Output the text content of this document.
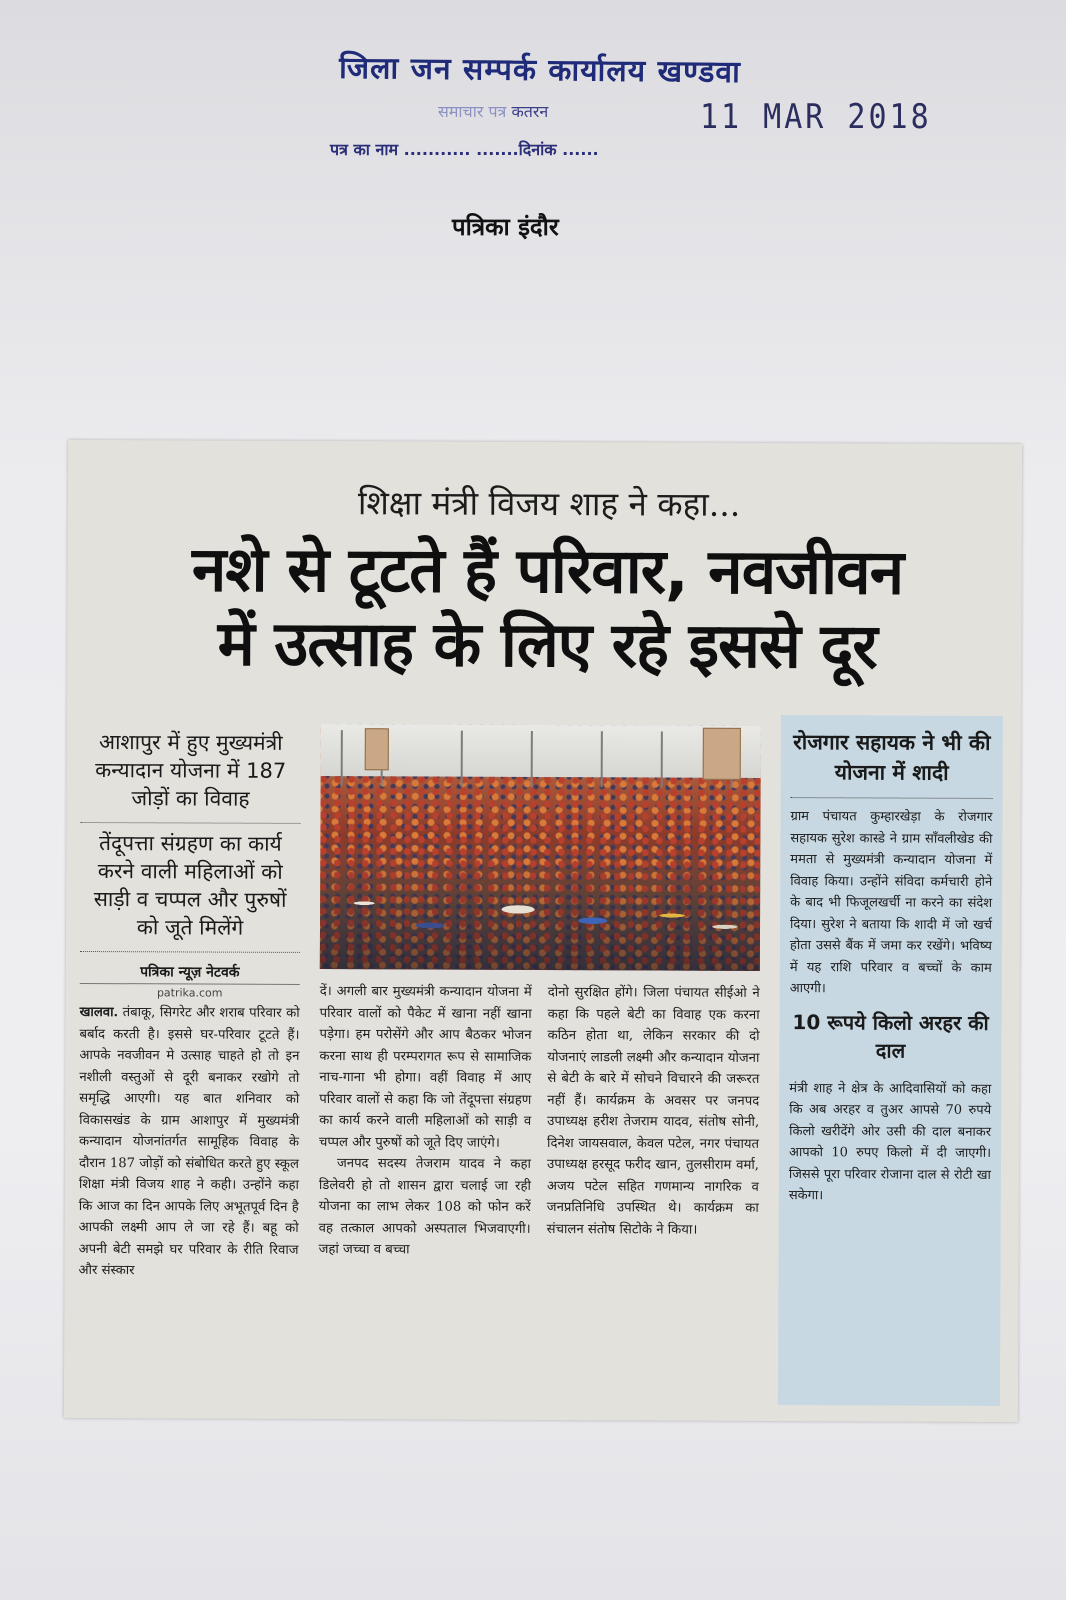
जिला जन सम्पर्क कार्यालय खण्डवा
समाचार पत्र कतरन	11 MAR 2018
पत्र का नाम ........... .......दिनांक ......
पत्रिका इंदौर
शिक्षा मंत्री विजय शाह ने कहा...
नशे से टूटते हैं परिवार, नवजीवन
में उत्साह के लिए रहे इससे दूर
आशापुर में हुए मुख्यमंत्री कन्यादान योजना में 187 जोड़ों का विवाह
तेंदूपत्ता संग्रहण का कार्य करने वाली महिलाओं को साड़ी व चप्पल और पुरुषों को जूते मिलेंगे
पत्रिका न्यूज़ नेटवर्क
patrika.com

खालवा. तंबाकू, सिगरेट और शराब परिवार को बर्बाद करती है। इससे घर-परिवार टूटते हैं। आपके नवजीवन मे उत्साह चाहते हो तो इन नशीली वस्तुओं से दूरी बनाकर रखोगे तो समृद्धि आएगी। यह बात शनिवार को विकासखंड के ग्राम आशापुर में मुख्यमंत्री कन्यादान योजनांतर्गत सामूहिक विवाह के दौरान 187 जोड़ों को संबोधित करते हुए स्कूल शिक्षा मंत्री विजय शाह ने कही। उन्होंने कहा कि आज का दिन आपके लिए अभूतपूर्व दिन है आपकी लक्ष्मी आप ले जा रहे हैं। बहू को अपनी बेटी समझे घर परिवार के रीति रिवाज और संस्कार

दें। अगली बार मुख्यमंत्री कन्यादान योजना में परिवार वालों को पैकेट में खाना नहीं खाना पड़ेगा। हम परोसेंगे और आप बैठकर भोजन करना साथ ही परम्परागत रूप से सामाजिक नाच-गाना भी होगा। वहीं विवाह में आए परिवार वालों से कहा कि जो तेंदूपत्ता संग्रहण का कार्य करने वाली महिलाओं को साड़ी व चप्पल और पुरुषों को जूते दिए जाएंगे।

जनपद सदस्य तेजराम यादव ने कहा डिलेवरी हो तो शासन द्वारा चलाई जा रही योजना का लाभ लेकर 108 को फोन करें वह तत्काल आपको अस्पताल भिजवाएगी। जहां जच्चा व बच्चा

दोनो सुरक्षित होंगे। जिला पंचायत सीईओ ने कहा कि पहले बेटी का विवाह एक करना कठिन होता था, लेकिन सरकार की दो योजनाएं लाडली लक्ष्मी और कन्यादान योजना से बेटी के बारे में सोचने विचारने की जरूरत नहीं हैं। कार्यक्रम के अवसर पर जनपद उपाध्यक्ष हरीश तेजराम यादव, संतोष सोनी, दिनेश जायसवाल, केवल पटेल, नगर पंचायत उपाध्यक्ष हरसूद फरीद खान, तुलसीराम वर्मा, अजय पटेल सहित गणमान्य नागरिक व जनप्रतिनिधि उपस्थित थे। कार्यक्रम का संचालन संतोष सिटोके ने किया।

रोजगार सहायक ने भी की योजना में शादी

ग्राम पंचायत कुम्हारखेड़ा के रोजगार सहायक सुरेश कास्डे ने ग्राम साँवलीखेड की ममता से मुख्यमंत्री कन्यादान योजना में विवाह किया। उन्होंने संविदा कर्मचारी होने के बाद भी फिजूलखर्ची ना करने का संदेश दिया। सुरेश ने बताया कि शादी में जो खर्च होता उससे बैंक में जमा कर रखेंगे। भविष्य में यह राशि परिवार व बच्चों के काम आएगी।

10 रूपये किलो अरहर की दाल

मंत्री शाह ने क्षेत्र के आदिवासियों को कहा कि अब अरहर व तुअर आपसे 70 रुपये किलो खरीदेंगे ओर उसी की दाल बनाकर आपको 10 रुपए किलो में दी जाएगी। जिससे पूरा परिवार रोजाना दाल से रोटी खा सकेगा।
